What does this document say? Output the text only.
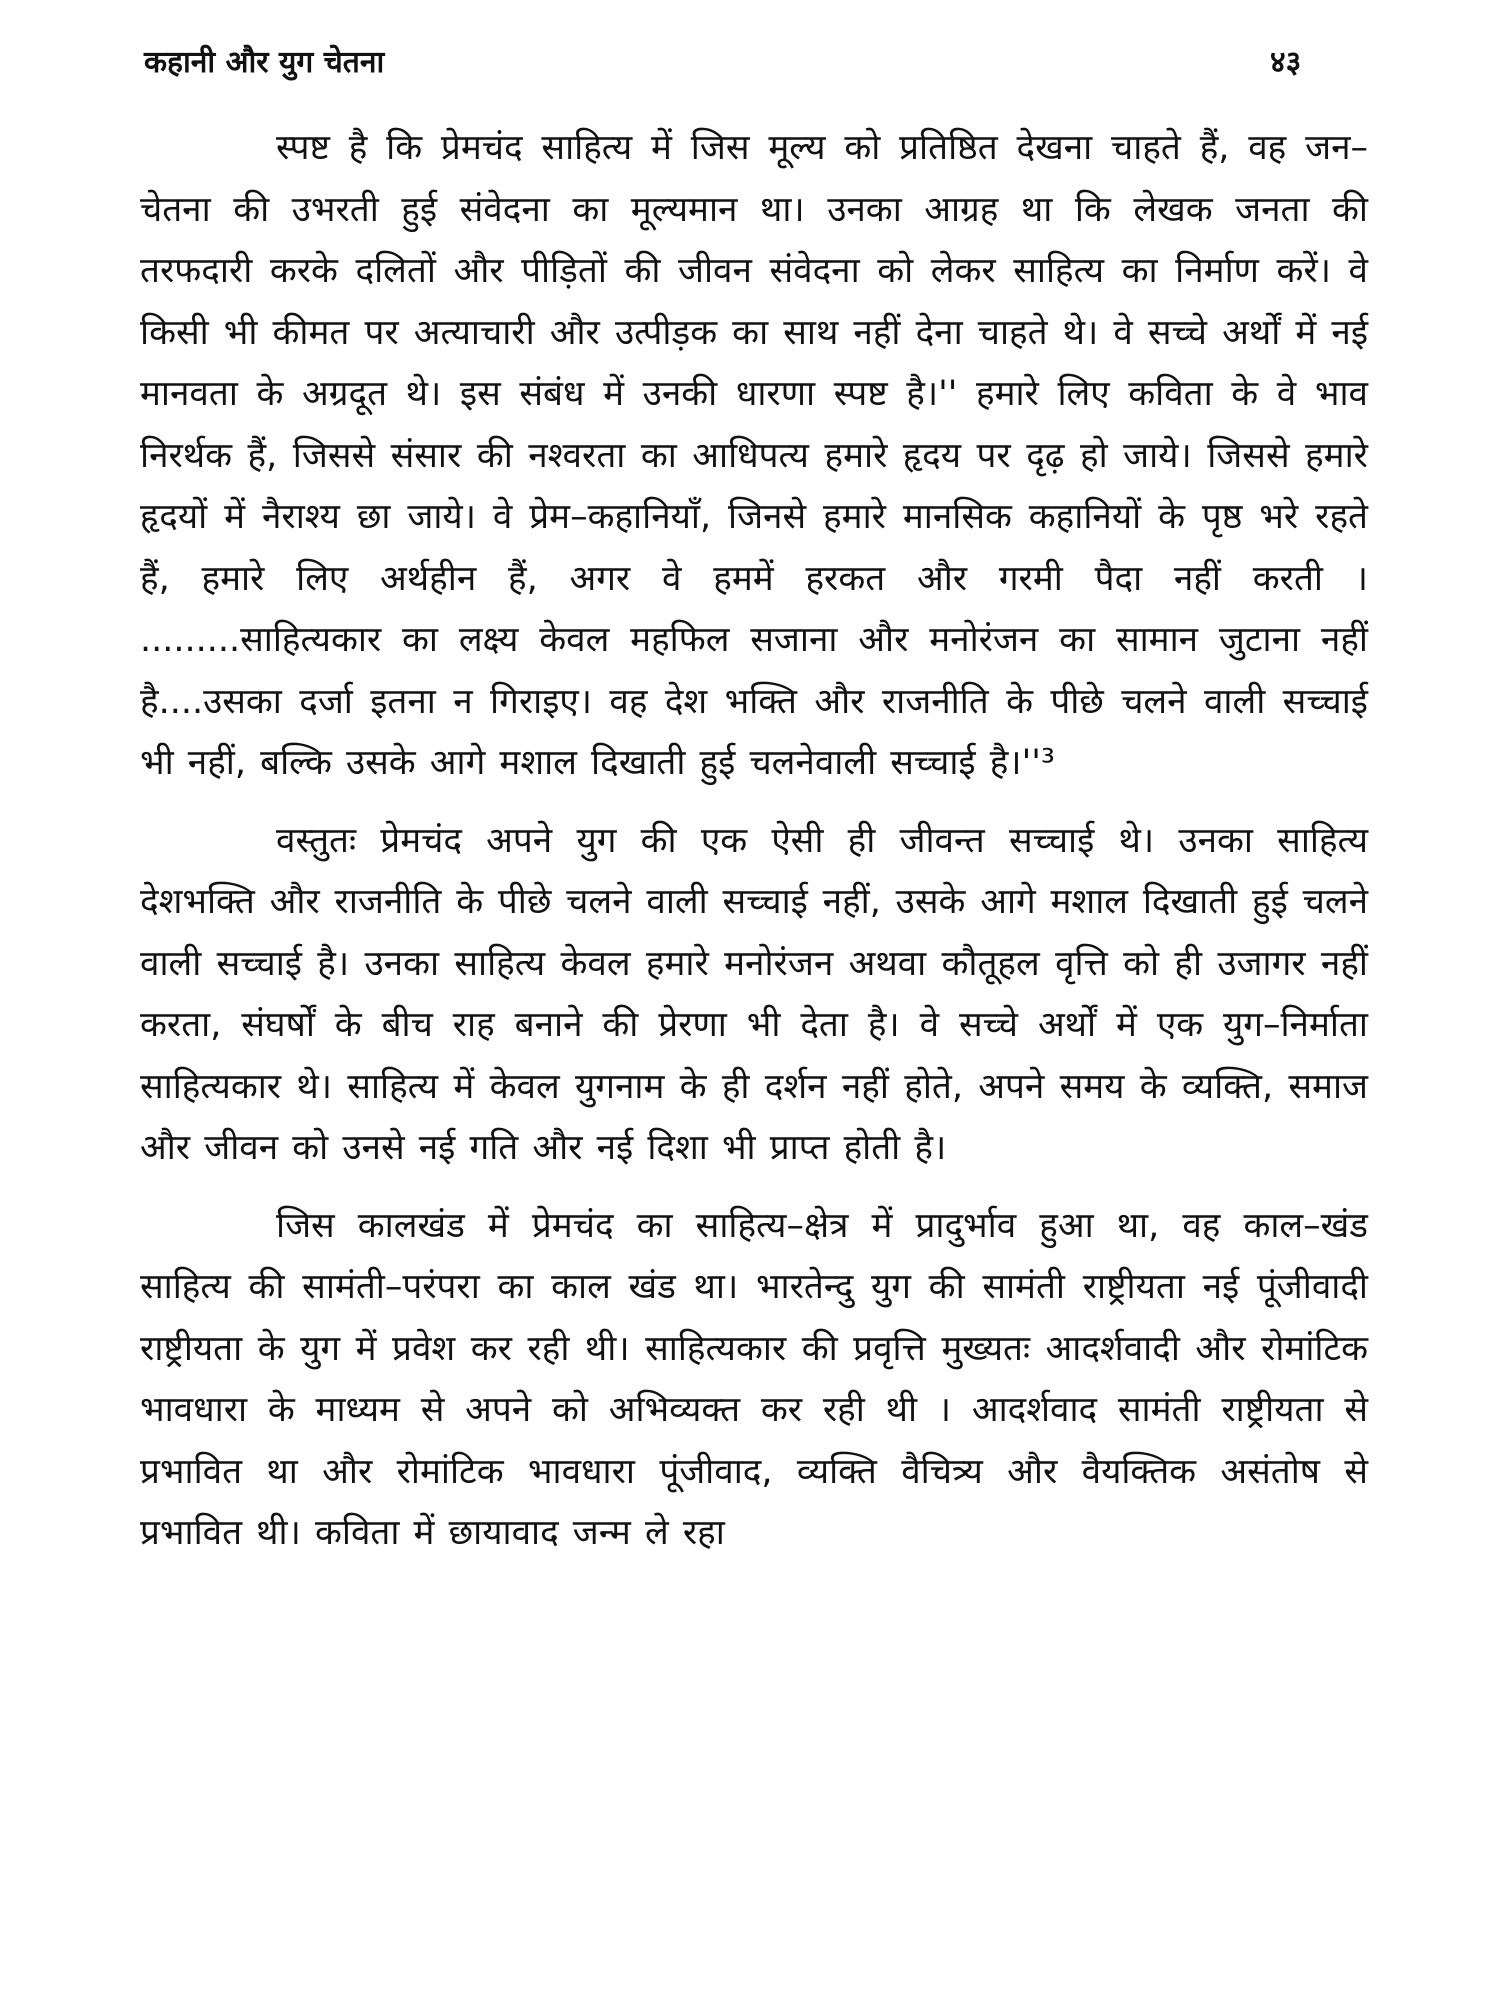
कहानी और युग चेतना	४३

स्पष्ट है कि प्रेमचंद साहित्य में जिस मूल्य को प्रतिष्ठित देखना चाहते हैं, वह जन–चेतना की उभरती हुई संवेदना का मूल्यमान था। उनका आग्रह था कि लेखक जनता की तरफदारी करके दलितों और पीड़ितों की जीवन संवेदना को लेकर साहित्य का निर्माण करें। वे किसी भी कीमत पर अत्याचारी और उत्पीड़क का साथ नहीं देना चाहते थे। वे सच्चे अर्थों में नई मानवता के अग्रदूत थे। इस संबंध में उनकी धारणा स्पष्ट है।'' हमारे लिए कविता के वे भाव निरर्थक हैं, जिससे संसार की नश्वरता का आधिपत्य हमारे हृदय पर दृढ़ हो जाये। जिससे हमारे हृदयों में नैराश्य छा जाये। वे प्रेम–कहानियाँ, जिनसे हमारे मानसिक कहानियों के पृष्ठ भरे रहते हैं, हमारे लिए अर्थहीन हैं, अगर वे हममें हरकत और गरमी पैदा नहीं करती । .........साहित्यकार का लक्ष्य केवल महफिल सजाना और मनोरंजन का सामान जुटाना नहीं है....उसका दर्जा इतना न गिराइए। वह देश भक्ति और राजनीति के पीछे चलने वाली सच्चाई भी नहीं, बल्कि उसके आगे मशाल दिखाती हुई चलनेवाली सच्चाई है।''³

वस्तुतः प्रेमचंद अपने युग की एक ऐसी ही जीवन्त सच्चाई थे। उनका साहित्य देशभक्ति और राजनीति के पीछे चलने वाली सच्चाई नहीं, उसके आगे मशाल दिखाती हुई चलने वाली सच्चाई है। उनका साहित्य केवल हमारे मनोरंजन अथवा कौतूहल वृत्ति को ही उजागर नहीं करता, संघर्षों के बीच राह बनाने की प्रेरणा भी देता है। वे सच्चे अर्थों में एक युग–निर्माता साहित्यकार थे। साहित्य में केवल युगनाम के ही दर्शन नहीं होते, अपने समय के व्यक्ति, समाज और जीवन को उनसे नई गति और नई दिशा भी प्राप्त होती है।

जिस कालखंड में प्रेमचंद का साहित्य–क्षेत्र में प्रादुर्भाव हुआ था, वह काल–खंड साहित्य की सामंती–परंपरा का काल खंड था। भारतेन्दु युग की सामंती राष्ट्रीयता नई पूंजीवादी राष्ट्रीयता के युग में प्रवेश कर रही थी। साहित्यकार की प्रवृत्ति मुख्यतः आदर्शवादी और रोमांटिक भावधारा के माध्यम से अपने को अभिव्यक्त कर रही थी । आदर्शवाद सामंती राष्ट्रीयता से प्रभावित था और रोमांटिक भावधारा पूंजीवाद, व्यक्ति वैचित्र्य और वैयक्तिक असंतोष से प्रभावित थी। कविता में छायावाद जन्म ले रहा
